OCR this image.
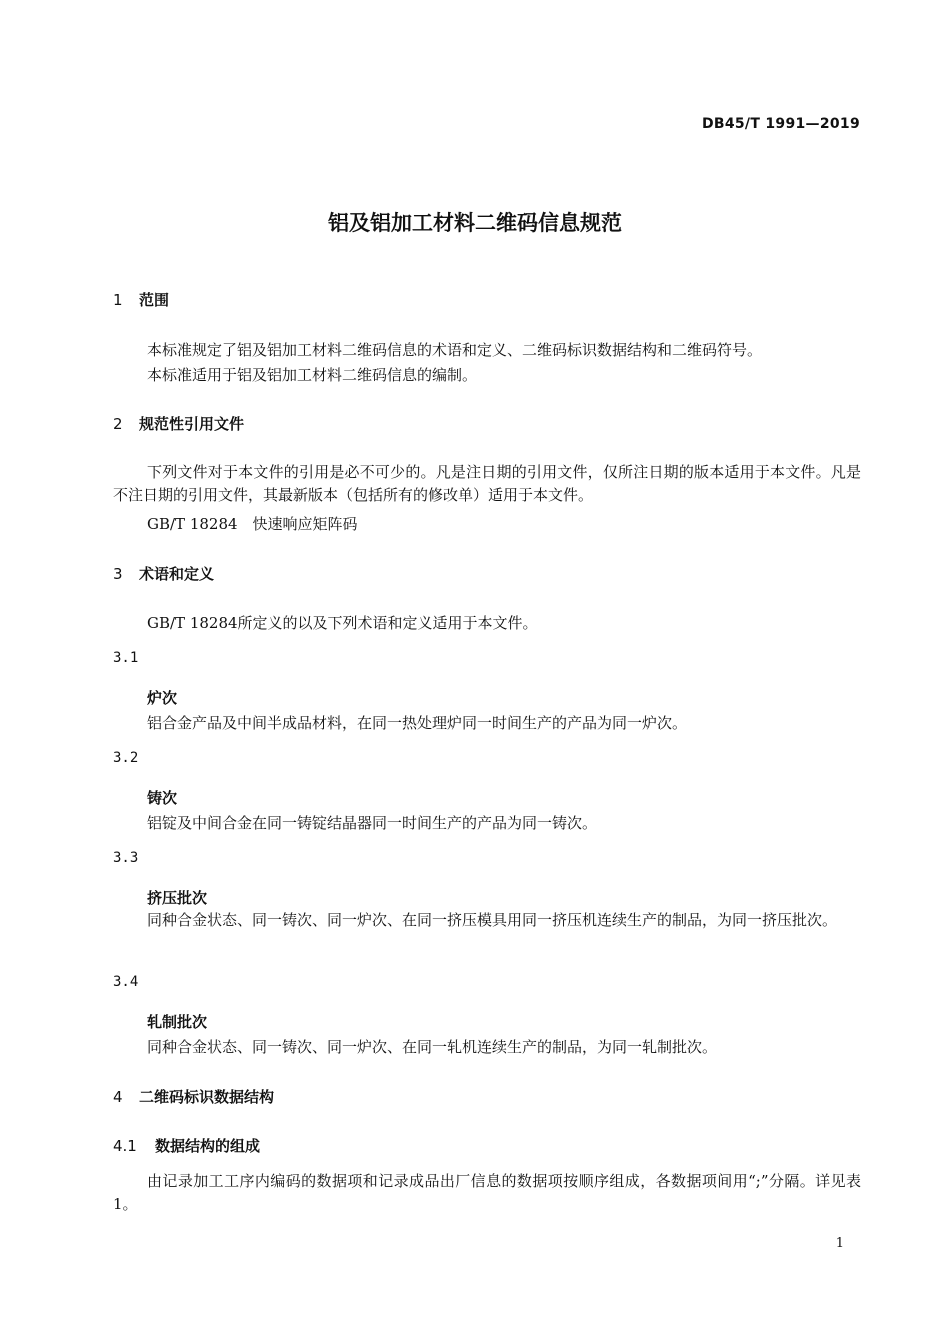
DB45/T 1991—2019
铝及铝加工材料二维码信息规范
1 范围

本标准规定了铝及铝加工材料二维码信息的术语和定义、二维码标识数据结构和二维码符号。

本标准适用于铝及铝加工材料二维码信息的编制。

2 规范性引用文件

下列文件对于本文件的引用是必不可少的。凡是注日期的引用文件，仅所注日期的版本适用于本文件。凡是不注日期的引用文件，其最新版本（包括所有的修改单）适用于本文件。

GB/T 18284　快速响应矩阵码

3 术语和定义

GB/T 18284所定义的以及下列术语和定义适用于本文件。

3.1
炉次

铝合金产品及中间半成品材料，在同一热处理炉同一时间生产的产品为同一炉次。

3.2
铸次

铝锭及中间合金在同一铸锭结晶器同一时间生产的产品为同一铸次。

3.3
挤压批次

同种合金状态、同一铸次、同一炉次、在同一挤压模具用同一挤压机连续生产的制品，为同一挤压批次。

3.4
轧制批次

同种合金状态、同一铸次、同一炉次、在同一轧机连续生产的制品，为同一轧制批次。

4 二维码标识数据结构
4.1 数据结构的组成

由记录加工工序内编码的数据项和记录成品出厂信息的数据项按顺序组成，各数据项间用“;”分隔。详见表1。

1
